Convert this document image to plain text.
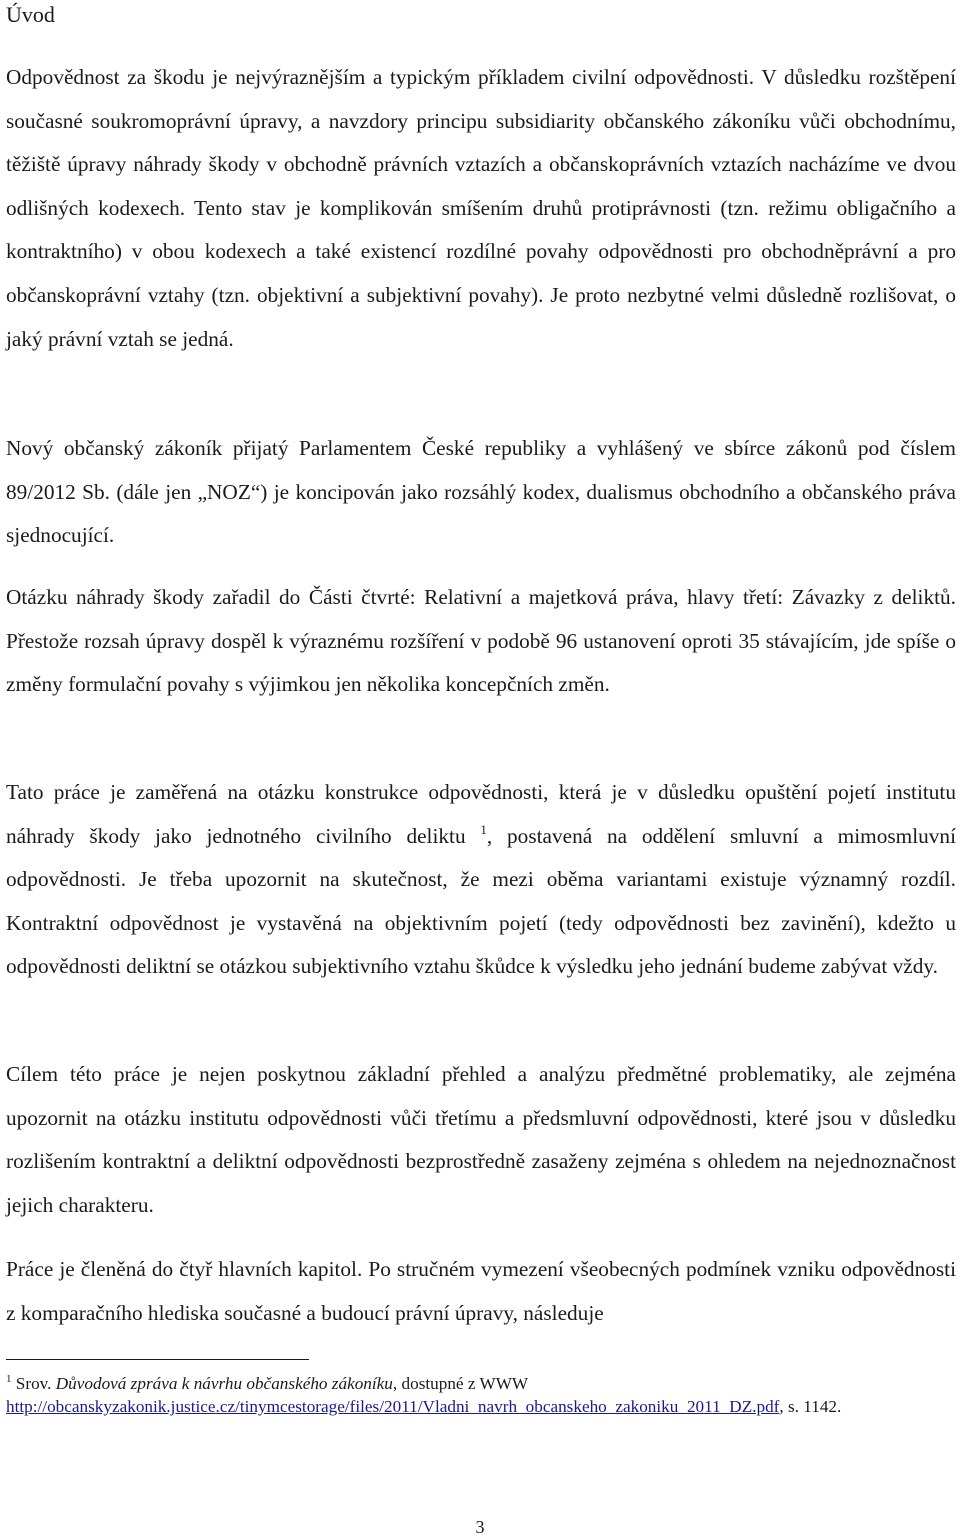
Úvod

Odpovědnost za škodu je nejvýraznějším a typickým příkladem civilní odpovědnosti. V důsledku rozštěpení současné soukromoprávní úpravy, a navzdory principu subsidiarity občanského zákoníku vůči obchodnímu, těžiště úpravy náhrady škody v obchodně právních vztazích a občanskoprávních vztazích nacházíme ve dvou odlišných kodexech. Tento stav je komplikován smíšením druhů protiprávnosti (tzn. režimu obligačního a kontraktního) v obou kodexech a také existencí rozdílné povahy odpovědnosti pro obchodněprávní a pro občanskoprávní vztahy (tzn. objektivní a subjektivní povahy). Je proto nezbytné velmi důsledně rozlišovat, o jaký právní vztah se jedná.

Nový občanský zákoník přijatý Parlamentem České republiky a vyhlášený ve sbírce zákonů pod číslem 89/2012 Sb. (dále jen „NOZ“) je koncipován jako rozsáhlý kodex, dualismus obchodního a občanského práva sjednocující.

Otázku náhrady škody zařadil do Části čtvrté: Relativní a majetková práva, hlavy třetí: Závazky z deliktů. Přestože rozsah úpravy dospěl k výraznému rozšíření v podobě 96 ustanovení oproti 35 stávajícím, jde spíše o změny formulační povahy s výjimkou jen několika koncepčních změn.

Tato práce je zaměřená na otázku konstrukce odpovědnosti, která je v důsledku opuštění pojetí institutu náhrady škody jako jednotného civilního deliktu $^1$, postavená na oddělení smluvní a mimosmluvní odpovědnosti. Je třeba upozornit na skutečnost, že mezi oběma variantami existuje významný rozdíl. Kontraktní odpovědnost je vystavěná na objektivním pojetí (tedy odpovědnosti bez zavinění), kdežto u odpovědnosti deliktní se otázkou subjektivního vztahu škůdce k výsledku jeho jednání budeme zabývat vždy.

Cílem této práce je nejen poskytnou základní přehled a analýzu předmětné problematiky, ale zejména upozornit na otázku institutu odpovědnosti vůči třetímu a předsmluvní odpovědnosti, které jsou v důsledku rozlišením kontraktní a deliktní odpovědnosti bezprostředně zasaženy zejména s ohledem na nejednoznačnost jejich charakteru.

Práce je členěná do čtyř hlavních kapitol. Po stručném vymezení všeobecných podmínek vzniku odpovědnosti z komparačního hlediska současné a budoucí právní úpravy, následuje

$^1$ Srov. Důvodová zpráva k návrhu občanského zákoníku, dostupné z WWW
http://obcanskyzakonik.justice.cz/tinymcestorage/files/2011/Vladni_navrh_obcanskeho_zakoniku_2011_DZ.pdf, s. 1142.

3
